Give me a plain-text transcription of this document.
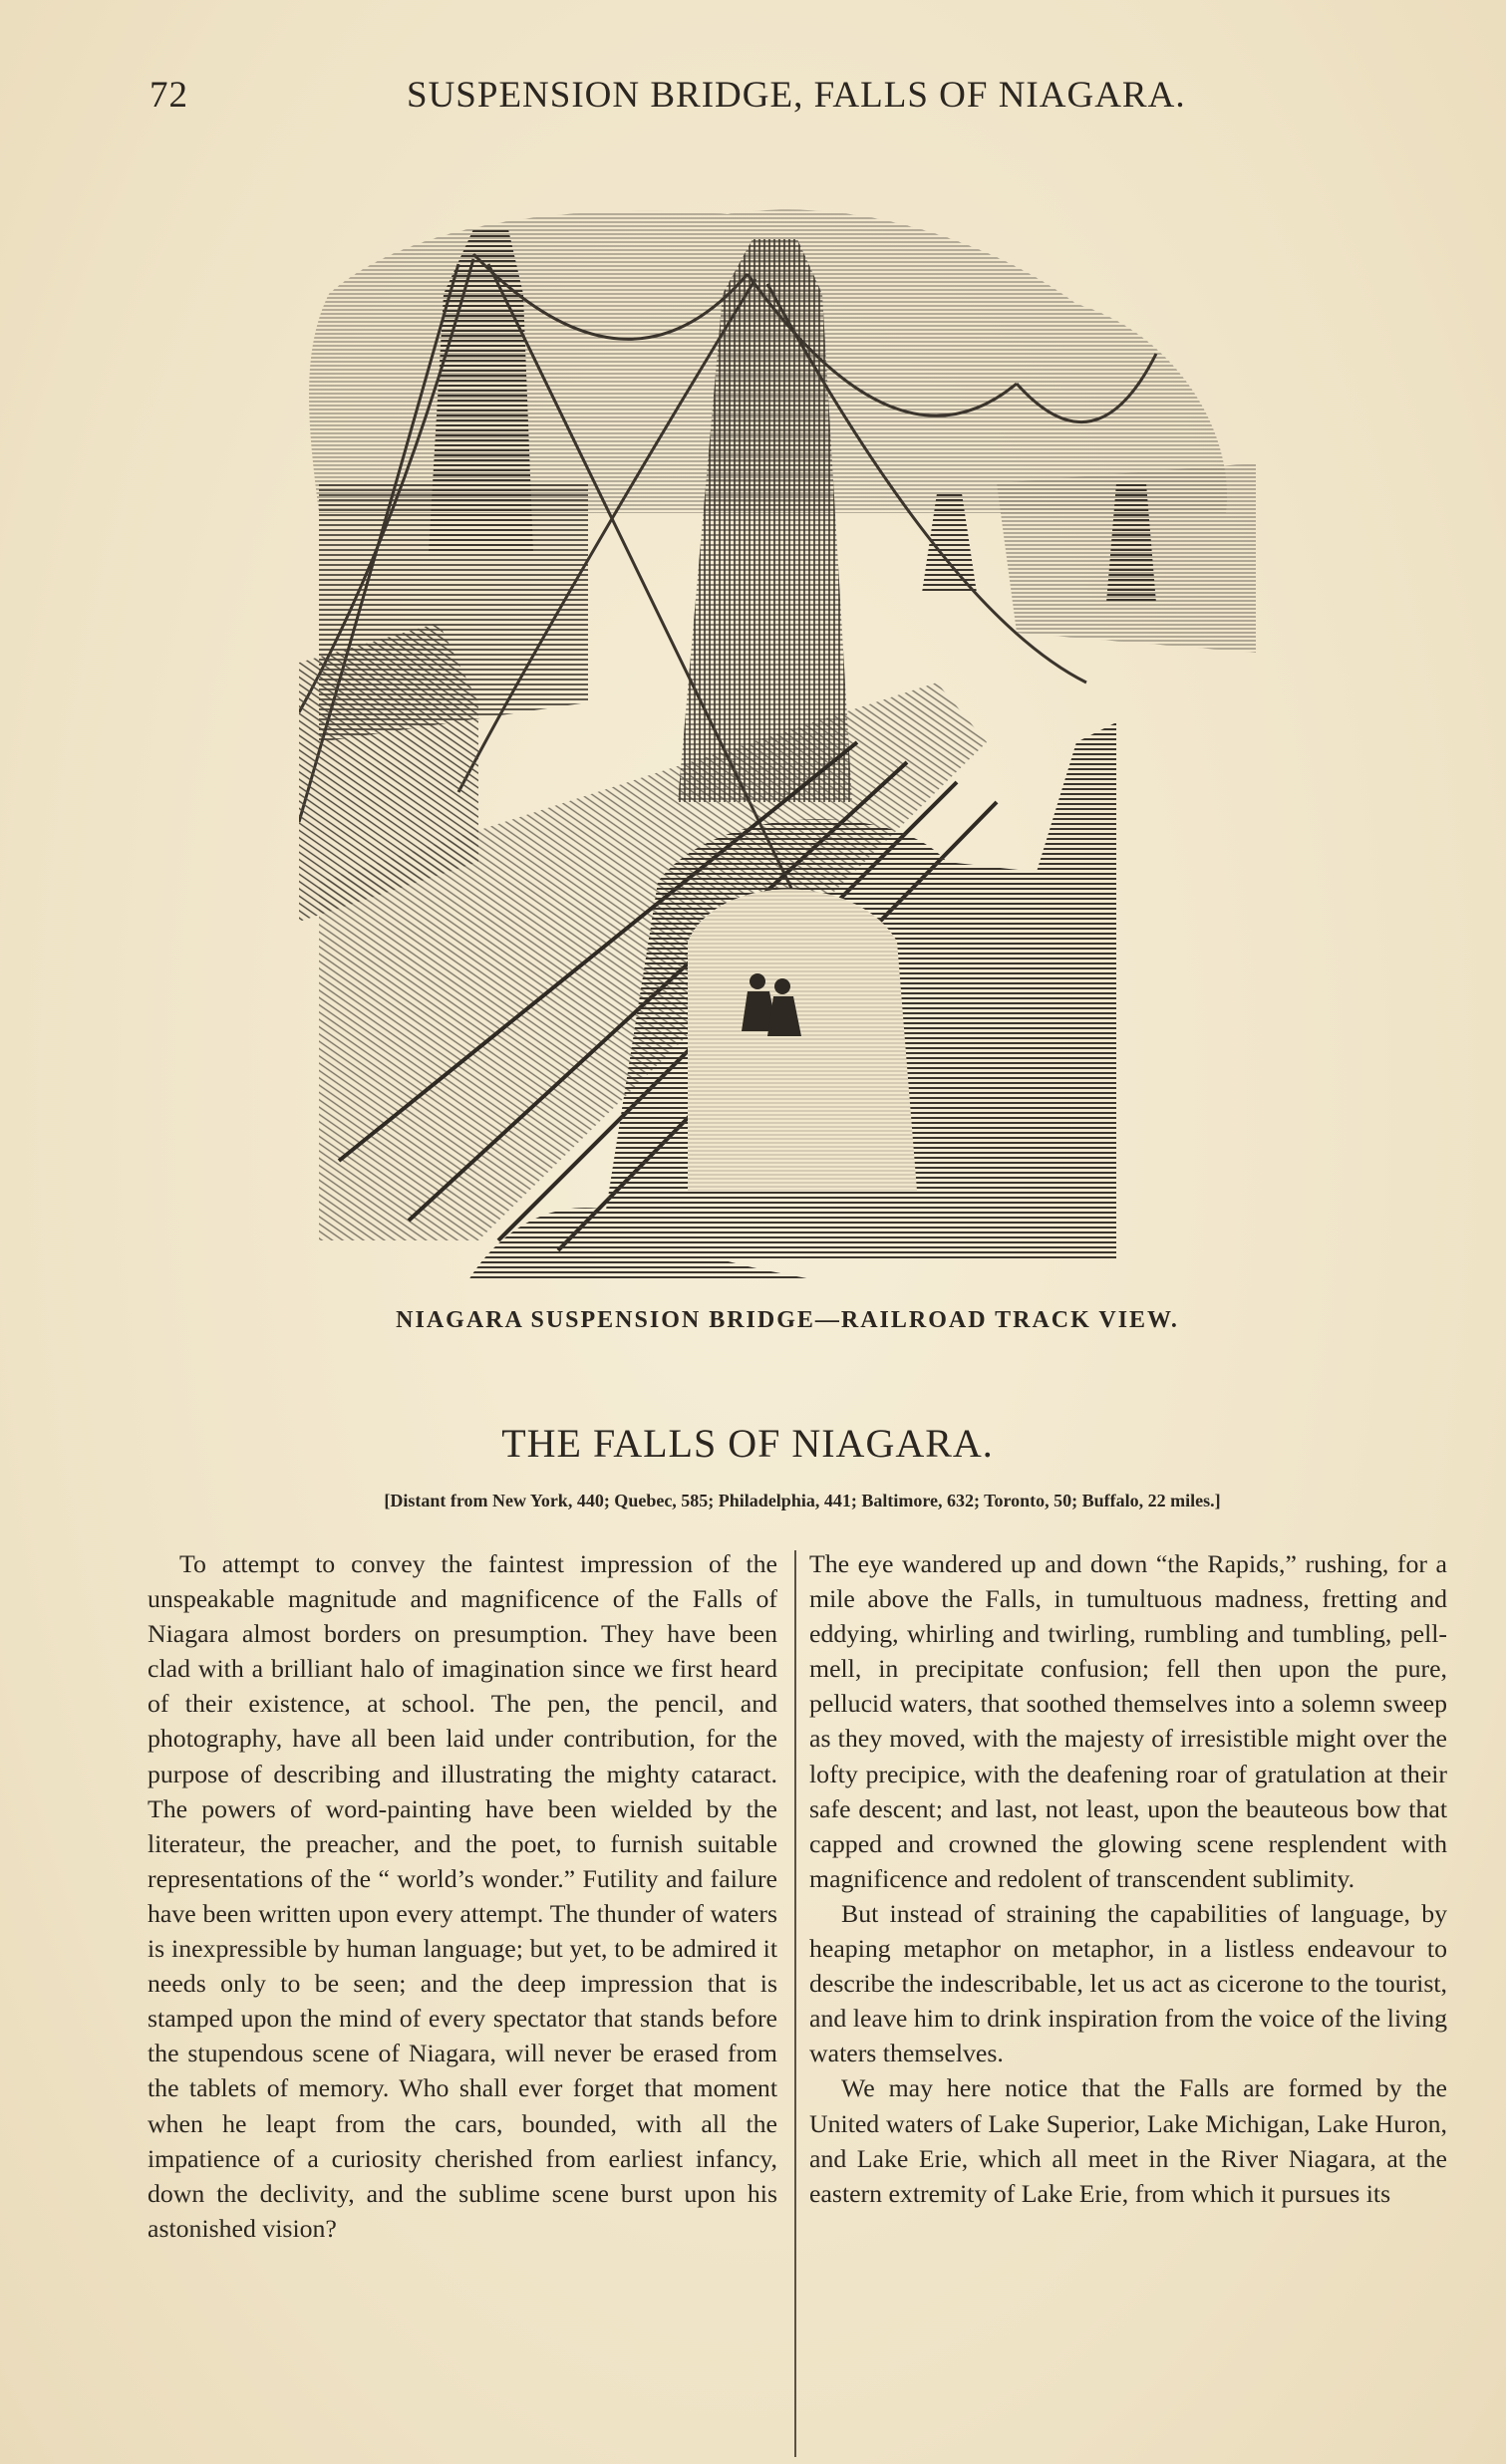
72	SUSPENSION BRIDGE, FALLS OF NIAGARA.
NIAGARA SUSPENSION BRIDGE—RAILROAD TRACK VIEW.
THE FALLS OF NIAGARA.
[Distant from New York, 440; Quebec, 585; Philadelphia, 441; Baltimore, 632; Toronto, 50; Buffalo, 22 miles.]

To attempt to convey the faintest impression of the unspeakable magnitude and magnificence of the Falls of Niagara almost borders on presumption. They have been clad with a brilliant halo of imagination since we first heard of their existence, at school. The pen, the pencil, and photography, have all been laid under contribution, for the purpose of describing and illustrating the mighty cataract. The powers of word-painting have been wielded by the literateur, the preacher, and the poet, to furnish suitable representations of the “ world’s wonder.” Futility and failure have been written upon every attempt. The thunder of waters is inexpressible by human language; but yet, to be admired it needs only to be seen; and the deep impression that is stamped upon the mind of every spectator that stands before the stupendous scene of Niagara, will never be erased from the tablets of memory. Who shall ever forget that moment when he leapt from the cars, bounded, with all the impatience of a curiosity cherished from earliest infancy, down the declivity, and the sublime scene burst upon his astonished vision?

The eye wandered up and down “the Rapids,” rushing, for a mile above the Falls, in tumultuous madness, fretting and eddying, whirling and twirling, rumbling and tumbling, pell-mell, in precipitate confusion; fell then upon the pure, pellucid waters, that soothed themselves into a solemn sweep as they moved, with the majesty of irresistible might over the lofty precipice, with the deafening roar of gratulation at their safe descent; and last, not least, upon the beauteous bow that capped and crowned the glowing scene resplendent with magnificence and redolent of transcendent sublimity.

But instead of straining the capabilities of language, by heaping metaphor on metaphor, in a listless endeavour to describe the indescribable, let us act as cicerone to the tourist, and leave him to drink inspiration from the voice of the living waters themselves.

We may here notice that the Falls are formed by the United waters of Lake Superior, Lake Michigan, Lake Huron, and Lake Erie, which all meet in the River Niagara, at the eastern extremity of Lake Erie, from which it pursues its
